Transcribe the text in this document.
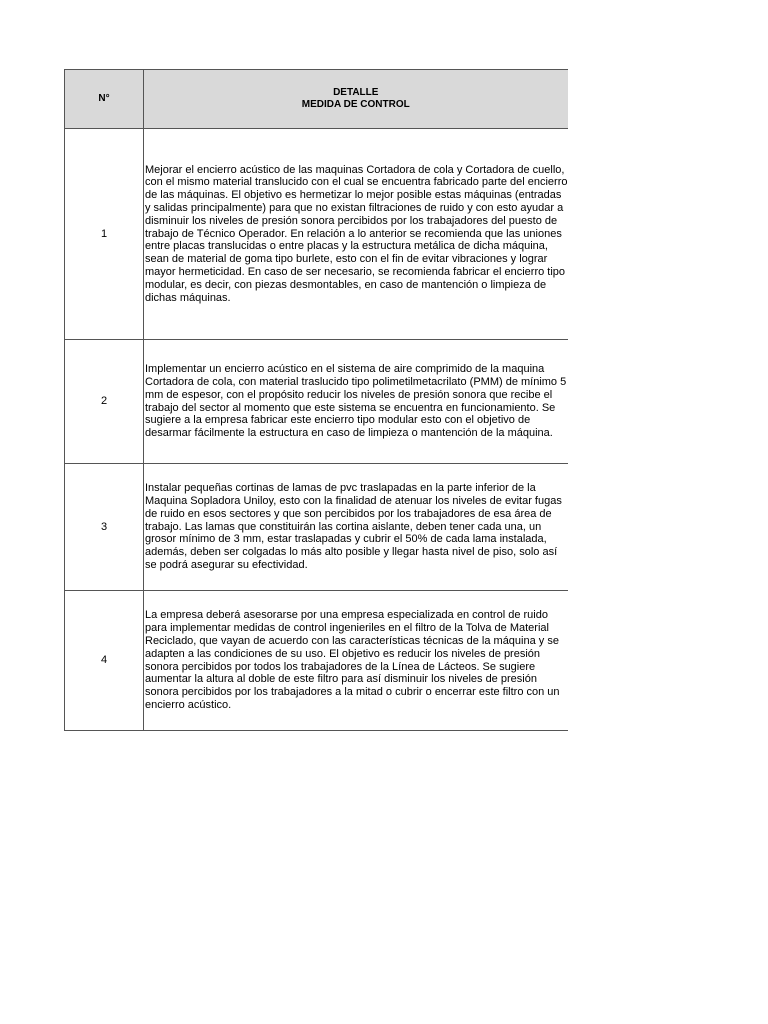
N°	DETALLE
MEDIDA DE CONTROL

1	Mejorar el encierro acústico de las maquinas Cortadora de cola y Cortadora de cuello, con el mismo material translucido con el cual se encuentra fabricado parte del encierro de las máquinas. El objetivo es hermetizar lo mejor posible estas máquinas (entradas y salidas principalmente) para que no existan filtraciones de ruido y con esto ayudar a disminuir los niveles de presión sonora percibidos por los trabajadores del puesto de trabajo de Técnico Operador. En relación a lo anterior se recomienda que las uniones entre placas translucidas o entre placas y la estructura metálica de dicha máquina, sean de material de goma tipo burlete, esto con el fin de evitar vibraciones y lograr mayor hermeticidad. En caso de ser necesario, se recomienda fabricar el encierro tipo modular, es decir, con piezas desmontables, en caso de mantención o limpieza de dichas máquinas.
2	Implementar un encierro acústico en el sistema de aire comprimido de la maquina Cortadora de cola, con material traslucido tipo polimetilmetacrilato (PMM) de mínimo 5 mm de espesor, con el propósito reducir los niveles de presión sonora que recibe el trabajo del sector al momento que este sistema se encuentra en funcionamiento. Se sugiere a la empresa fabricar este encierro tipo modular esto con el objetivo de desarmar fácilmente la estructura en caso de limpieza o mantención de la máquina.
3	Instalar pequeñas cortinas de lamas de pvc traslapadas en la parte inferior de la Maquina Sopladora Uniloy, esto con la finalidad de atenuar los niveles de evitar fugas de ruido en esos sectores y que son percibidos por los trabajadores de esa área de trabajo. Las lamas que constituirán las cortina aislante, deben tener cada una, un grosor mínimo de 3 mm, estar traslapadas y cubrir el 50% de cada lama instalada, además, deben ser colgadas lo más alto posible y llegar hasta nivel de piso, solo así se podrá asegurar su efectividad.
4	La empresa deberá asesorarse por una empresa especializada en control de ruido para implementar medidas de control ingenieriles en el filtro de la Tolva de Material Reciclado, que vayan de acuerdo con las características técnicas de la máquina y se adapten a las condiciones de su uso. El objetivo es reducir los niveles de presión sonora percibidos por todos los trabajadores de la Línea de Lácteos. Se sugiere aumentar la altura al doble de este filtro para así disminuir los niveles de presión sonora percibidos por los trabajadores a la mitad o cubrir o encerrar este filtro con un encierro acústico.
